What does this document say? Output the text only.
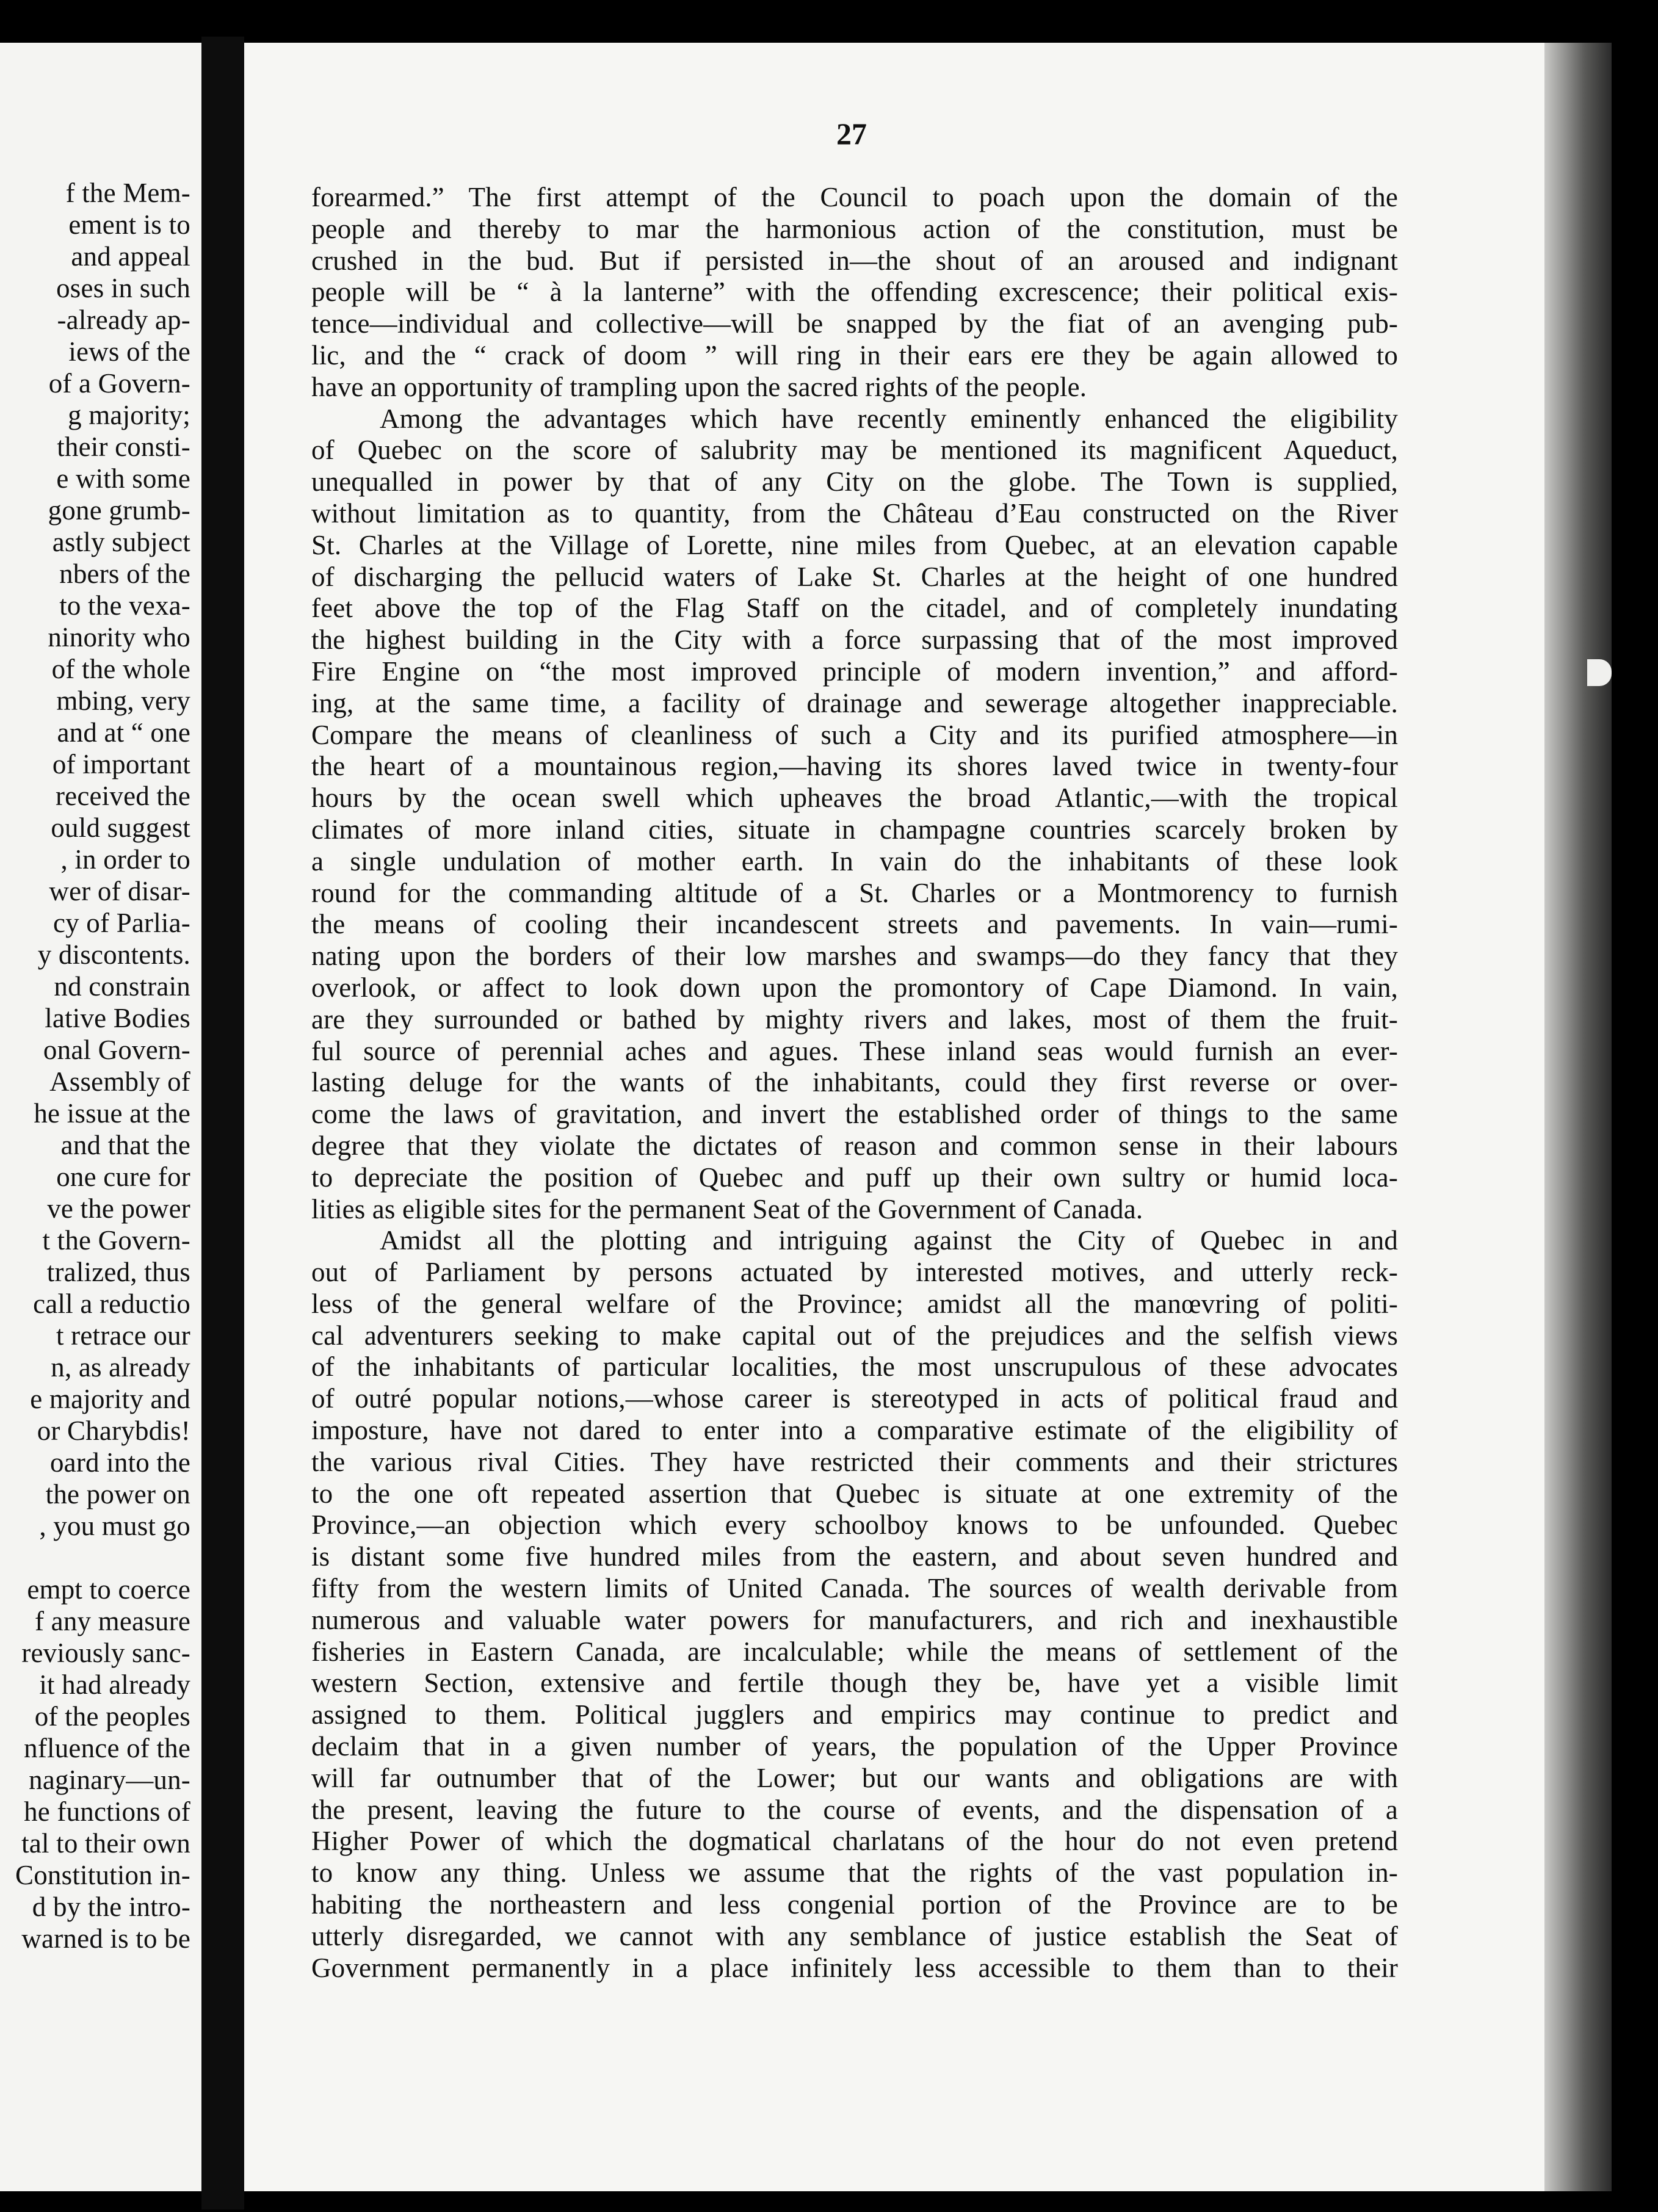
f the Mem-
ement is to
and appeal
oses in such
-already ap-
iews of the
of a Govern-
g majority;
their consti-
e with some
gone grumb-
astly subject
nbers of the
to the vexa-
ninority who
of the whole
mbing, very
and at “ one
of important
received the
ould suggest
, in order to
wer of disar-
cy of Parlia-
y discontents.
nd constrain
lative Bodies
onal Govern-
Assembly of
he issue at the
and that the
one cure for
ve the power
t the Govern-
tralized, thus
call a reductio
t retrace our
n, as already
e majority and
or Charybdis!
oard into the
the power on
, you must go
empt to coerce
f any measure
reviously sanc-
it had already
of the peoples
nfluence of the
naginary—un-
he functions of
tal to their own
Constitution in-
d by the intro-
warned is to be
27
forearmed.” The first attempt of the Council to poach upon the domain of the
people and thereby to mar the harmonious action of the constitution, must be
crushed in the bud. But if persisted in—the shout of an aroused and indignant
people will be “ à la lanterne” with the offending excrescence; their political exis-
tence—individual and collective—will be snapped by the fiat of an avenging pub-
lic, and the “ crack of doom ” will ring in their ears ere they be again allowed to
have an opportunity of trampling upon the sacred rights of the people.
Among the advantages which have recently eminently enhanced the eligibility
of Quebec on the score of salubrity may be mentioned its magnificent Aqueduct,
unequalled in power by that of any City on the globe. The Town is supplied,
without limitation as to quantity, from the Château d’Eau constructed on the River
St. Charles at the Village of Lorette, nine miles from Quebec, at an elevation capable
of discharging the pellucid waters of Lake St. Charles at the height of one hundred
feet above the top of the Flag Staff on the citadel, and of completely inundating
the highest building in the City with a force surpassing that of the most improved
Fire Engine on “the most improved principle of modern invention,” and afford-
ing, at the same time, a facility of drainage and sewerage altogether inappreciable.
Compare the means of cleanliness of such a City and its purified atmosphere—in
the heart of a mountainous region,—having its shores laved twice in twenty-four
hours by the ocean swell which upheaves the broad Atlantic,—with the tropical
climates of more inland cities, situate in champagne countries scarcely broken by
a single undulation of mother earth. In vain do the inhabitants of these look
round for the commanding altitude of a St. Charles or a Montmorency to furnish
the means of cooling their incandescent streets and pavements. In vain—rumi-
nating upon the borders of their low marshes and swamps—do they fancy that they
overlook, or affect to look down upon the promontory of Cape Diamond. In vain,
are they surrounded or bathed by mighty rivers and lakes, most of them the fruit-
ful source of perennial aches and agues. These inland seas would furnish an ever-
lasting deluge for the wants of the inhabitants, could they first reverse or over-
come the laws of gravitation, and invert the established order of things to the same
degree that they violate the dictates of reason and common sense in their labours
to depreciate the position of Quebec and puff up their own sultry or humid loca-
lities as eligible sites for the permanent Seat of the Government of Canada.
Amidst all the plotting and intriguing against the City of Quebec in and
out of Parliament by persons actuated by interested motives, and utterly reck-
less of the general welfare of the Province; amidst all the manœvring of politi-
cal adventurers seeking to make capital out of the prejudices and the selfish views
of the inhabitants of particular localities, the most unscrupulous of these advocates
of outré popular notions,—whose career is stereotyped in acts of political fraud and
imposture, have not dared to enter into a comparative estimate of the eligibility of
the various rival Cities. They have restricted their comments and their strictures
to the one oft repeated assertion that Quebec is situate at one extremity of the
Province,—an objection which every schoolboy knows to be unfounded. Quebec
is distant some five hundred miles from the eastern, and about seven hundred and
fifty from the western limits of United Canada. The sources of wealth derivable from
numerous and valuable water powers for manufacturers, and rich and inexhaustible
fisheries in Eastern Canada, are incalculable; while the means of settlement of the
western Section, extensive and fertile though they be, have yet a visible limit
assigned to them. Political jugglers and empirics may continue to predict and
declaim that in a given number of years, the population of the Upper Province
will far outnumber that of the Lower; but our wants and obligations are with
the present, leaving the future to the course of events, and the dispensation of a
Higher Power of which the dogmatical charlatans of the hour do not even pretend
to know any thing. Unless we assume that the rights of the vast population in-
habiting the northeastern and less congenial portion of the Province are to be
utterly disregarded, we cannot with any semblance of justice establish the Seat of
Government permanently in a place infinitely less accessible to them than to their
